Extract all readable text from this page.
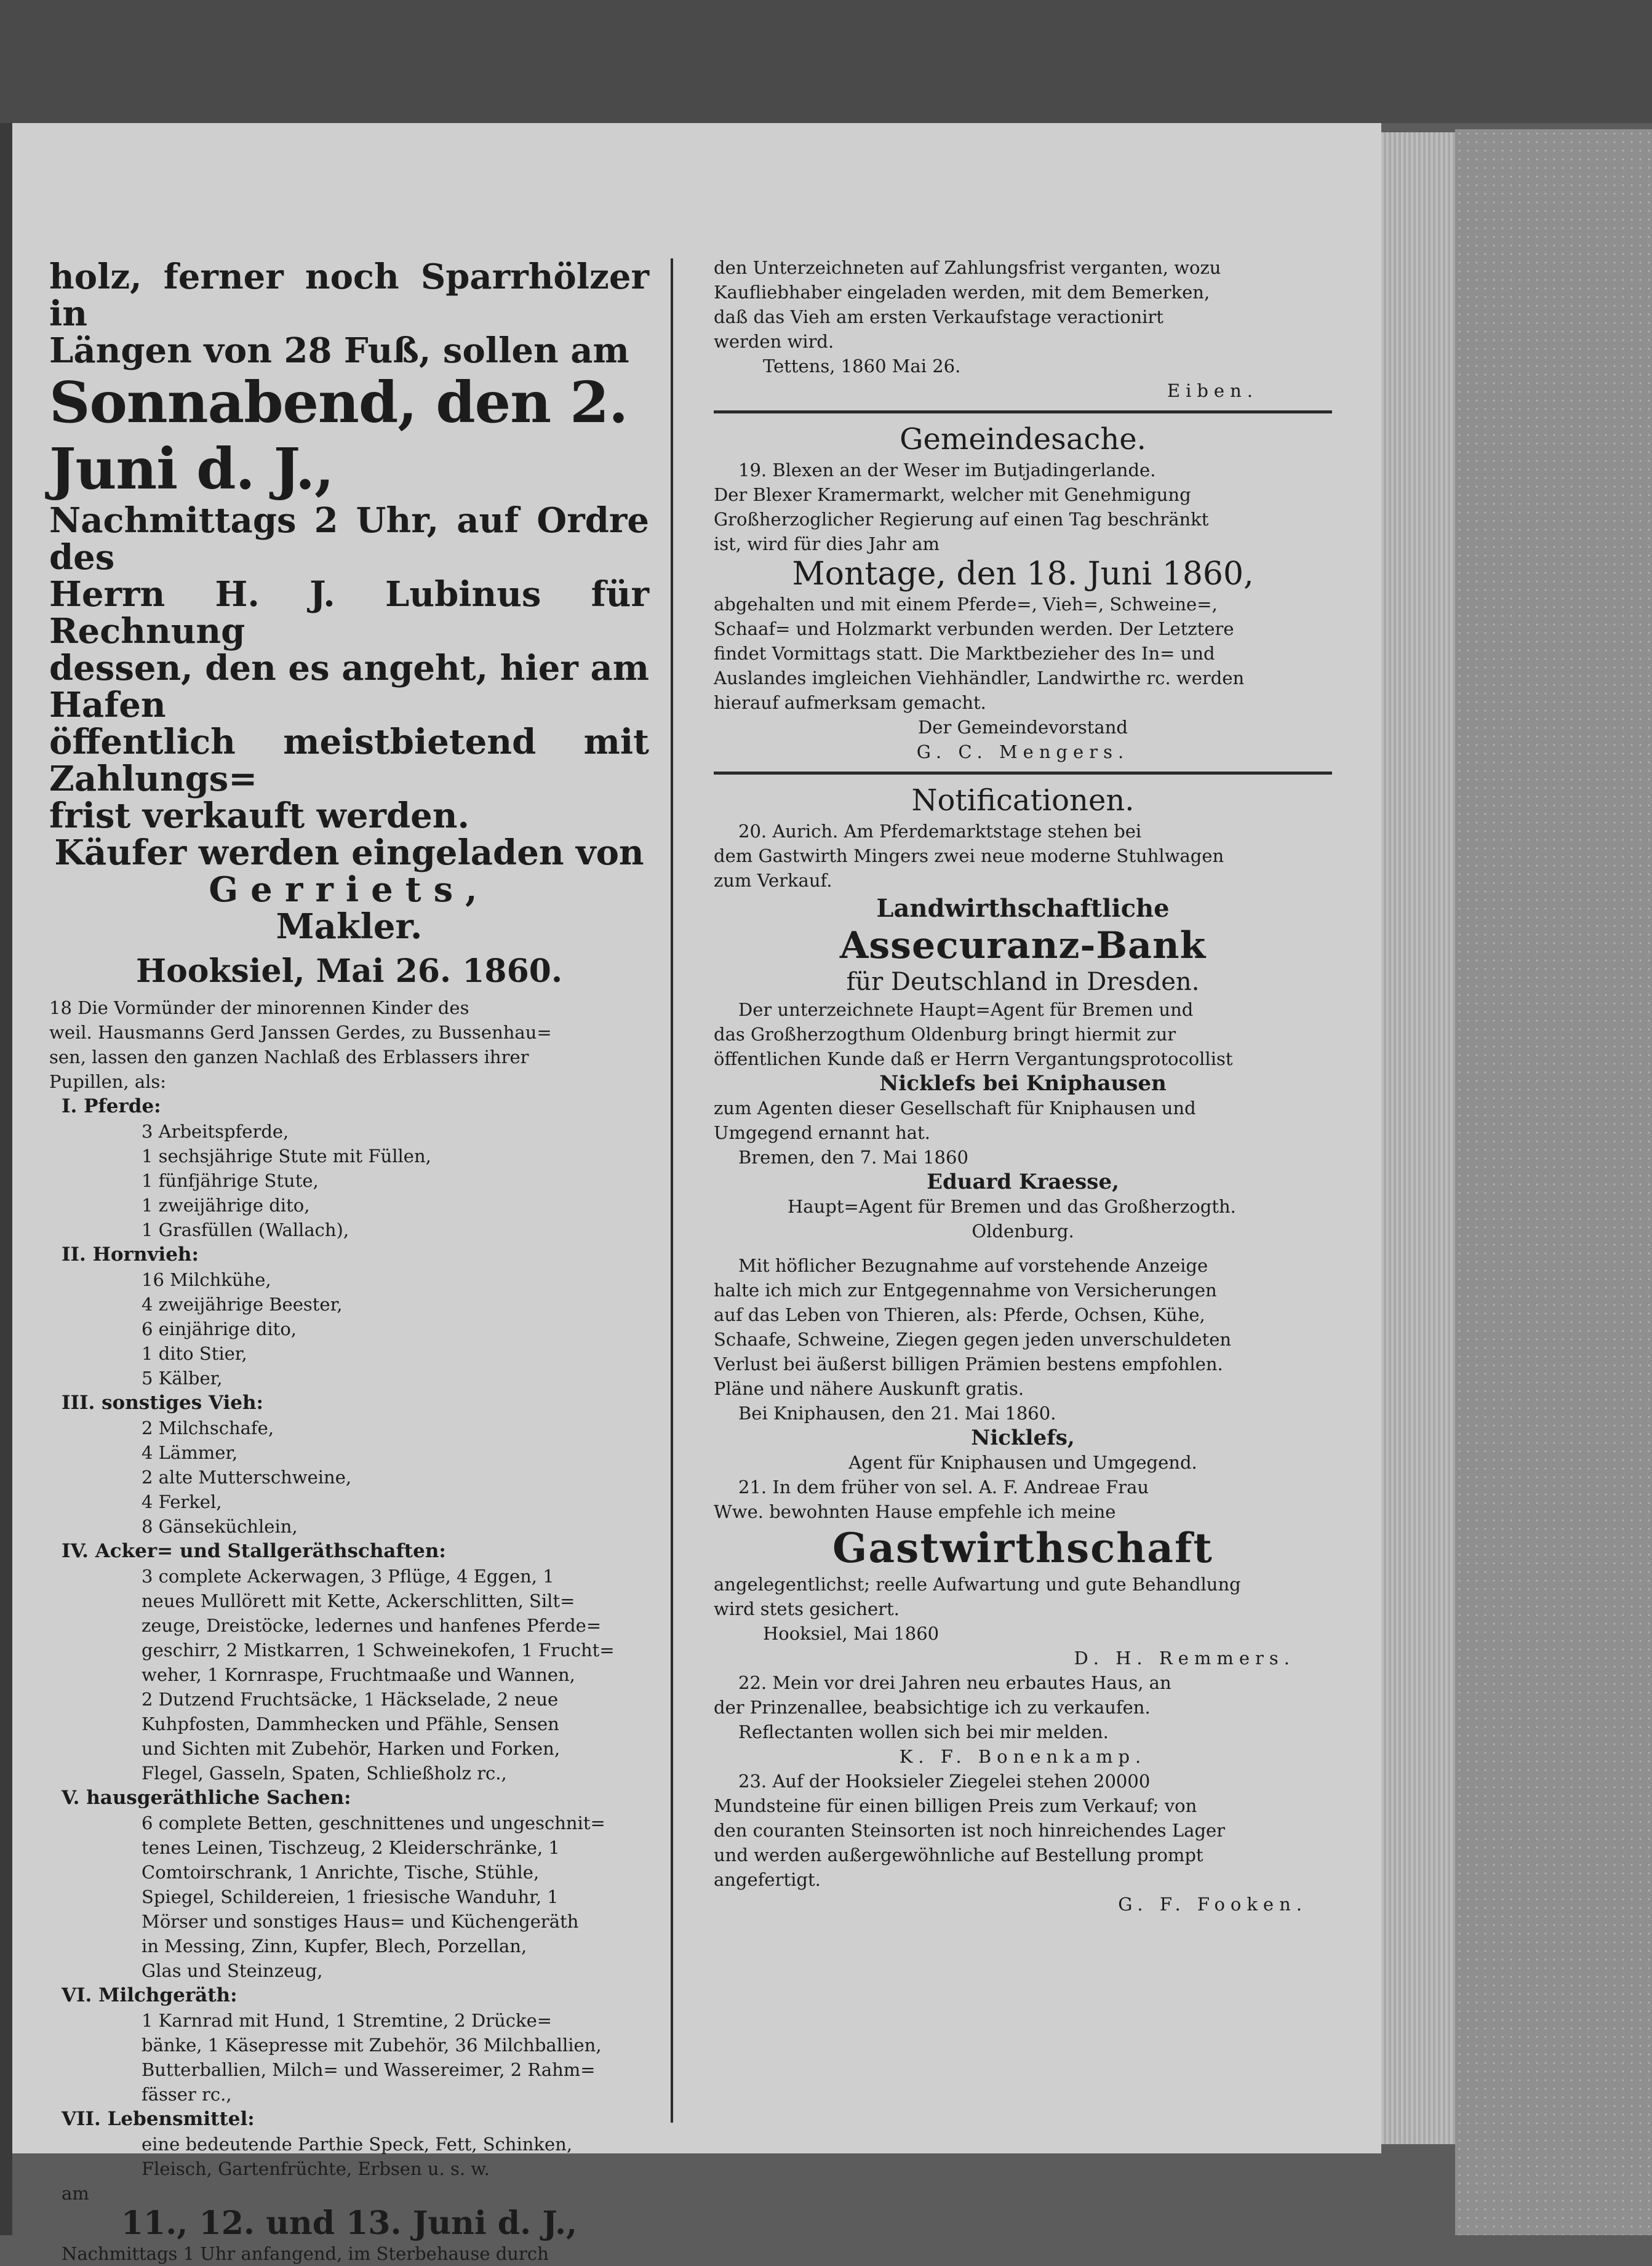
holz, ferner noch Sparrhölzer in

Längen von 28 Fuß, sollen am

Sonnabend, den 2. Juni d. J.,

Nachmittags 2 Uhr, auf Ordre des

Herrn H. J. Lubinus für Rechnung

dessen, den es angeht, hier am Hafen

öffentlich meistbietend mit Zahlungs=

frist verkauft werden.

Käufer werden eingeladen von

Gerriets,

Makler.

Hooksiel, Mai 26. 1860.

18 Die Vormünder der minorennen Kinder des

weil. Hausmanns Gerd Janssen Gerdes, zu Bussenhau=

sen, lassen den ganzen Nachlaß des Erblassers ihrer

Pupillen, als:

I. Pferde:

3 Arbeitspferde,

1 sechsjährige Stute mit Füllen,

1 fünfjährige Stute,

1 zweijährige dito,

1 Grasfüllen (Wallach),

II. Hornvieh:

16 Milchkühe,

4 zweijährige Beester,

6 einjährige dito,

1 dito Stier,

5 Kälber,

III. sonstiges Vieh:

2 Milchschafe,

4 Lämmer,

2 alte Mutterschweine,

4 Ferkel,

8 Gänseküchlein,

IV. Acker= und Stallgeräthschaften:

3 complete Ackerwagen, 3 Pflüge, 4 Eggen, 1

neues Mullörett mit Kette, Ackerschlitten, Silt=

zeuge, Dreistöcke, ledernes und hanfenes Pferde=

geschirr, 2 Mistkarren, 1 Schweinekofen, 1 Frucht=

weher, 1 Kornraspe, Fruchtmaaße und Wannen,

2 Dutzend Fruchtsäcke, 1 Häckselade, 2 neue

Kuhpfosten, Dammhecken und Pfähle, Sensen

und Sichten mit Zubehör, Harken und Forken,

Flegel, Gasseln, Spaten, Schließholz rc.,

V. hausgeräthliche Sachen:

6 complete Betten, geschnittenes und ungeschnit=

tenes Leinen, Tischzeug, 2 Kleiderschränke, 1

Comtoirschrank, 1 Anrichte, Tische, Stühle,

Spiegel, Schildereien, 1 friesische Wanduhr, 1

Mörser und sonstiges Haus= und Küchengeräth

in Messing, Zinn, Kupfer, Blech, Porzellan,

Glas und Steinzeug,

VI. Milchgeräth:

1 Karnrad mit Hund, 1 Stremtine, 2 Drücke=

bänke, 1 Käsepresse mit Zubehör, 36 Milchballien,

Butterballien, Milch= und Wassereimer, 2 Rahm=

fässer rc.,

VII. Lebensmittel:

eine bedeutende Parthie Speck, Fett, Schinken,

Fleisch, Gartenfrüchte, Erbsen u. s. w.

am

11., 12. und 13. Juni d. J.,

Nachmittags 1 Uhr anfangend, im Sterbehause durch

den Unterzeichneten auf Zahlungsfrist verganten, wozu

Kaufliebhaber eingeladen werden, mit dem Bemerken,

daß das Vieh am ersten Verkaufstage veractionirt

werden wird.

Tettens, 1860 Mai 26.

Eiben.

Gemeindesache.

19. Blexen an der Weser im Butjadingerlande.

Der Blexer Kramermarkt, welcher mit Genehmigung

Großherzoglicher Regierung auf einen Tag beschränkt

ist, wird für dies Jahr am

Montage, den 18. Juni 1860,

abgehalten und mit einem Pferde=, Vieh=, Schweine=,

Schaaf= und Holzmarkt verbunden werden. Der Letztere

findet Vormittags statt. Die Marktbezieher des In= und

Auslandes imgleichen Viehhändler, Landwirthe rc. werden

hierauf aufmerksam gemacht.

Der Gemeindevorstand

G. C. Mengers.

Notificationen.

20. Aurich. Am Pferdemarktstage stehen bei

dem Gastwirth Mingers zwei neue moderne Stuhlwagen

zum Verkauf.

Landwirthschaftliche

Assecuranz-Bank

für Deutschland in Dresden.

Der unterzeichnete Haupt=Agent für Bremen und

das Großherzogthum Oldenburg bringt hiermit zur

öffentlichen Kunde daß er Herrn Vergantungsprotocollist

Nicklefs bei Kniphausen

zum Agenten dieser Gesellschaft für Kniphausen und

Umgegend ernannt hat.

Bremen, den 7. Mai 1860

Eduard Kraesse,

Haupt=Agent für Bremen und das Großherzogth.

Oldenburg.

Mit höflicher Bezugnahme auf vorstehende Anzeige

halte ich mich zur Entgegennahme von Versicherungen

auf das Leben von Thieren, als: Pferde, Ochsen, Kühe,

Schaafe, Schweine, Ziegen gegen jeden unverschuldeten

Verlust bei äußerst billigen Prämien bestens empfohlen.

Pläne und nähere Auskunft gratis.

Bei Kniphausen, den 21. Mai 1860.

Nicklefs,

Agent für Kniphausen und Umgegend.

21. In dem früher von sel. A. F. Andreae Frau

Wwe. bewohnten Hause empfehle ich meine

Gastwirthschaft

angelegentlichst; reelle Aufwartung und gute Behandlung

wird stets gesichert.

Hooksiel, Mai 1860

D. H. Remmers.

22. Mein vor drei Jahren neu erbautes Haus, an

der Prinzenallee, beabsichtige ich zu verkaufen.

Reflectanten wollen sich bei mir melden.

K. F. Bonenkamp.

23. Auf der Hooksieler Ziegelei stehen 20000

Mundsteine für einen billigen Preis zum Verkauf; von

den couranten Steinsorten ist noch hinreichendes Lager

und werden außergewöhnliche auf Bestellung prompt

angefertigt.

G. F. Fooken.
